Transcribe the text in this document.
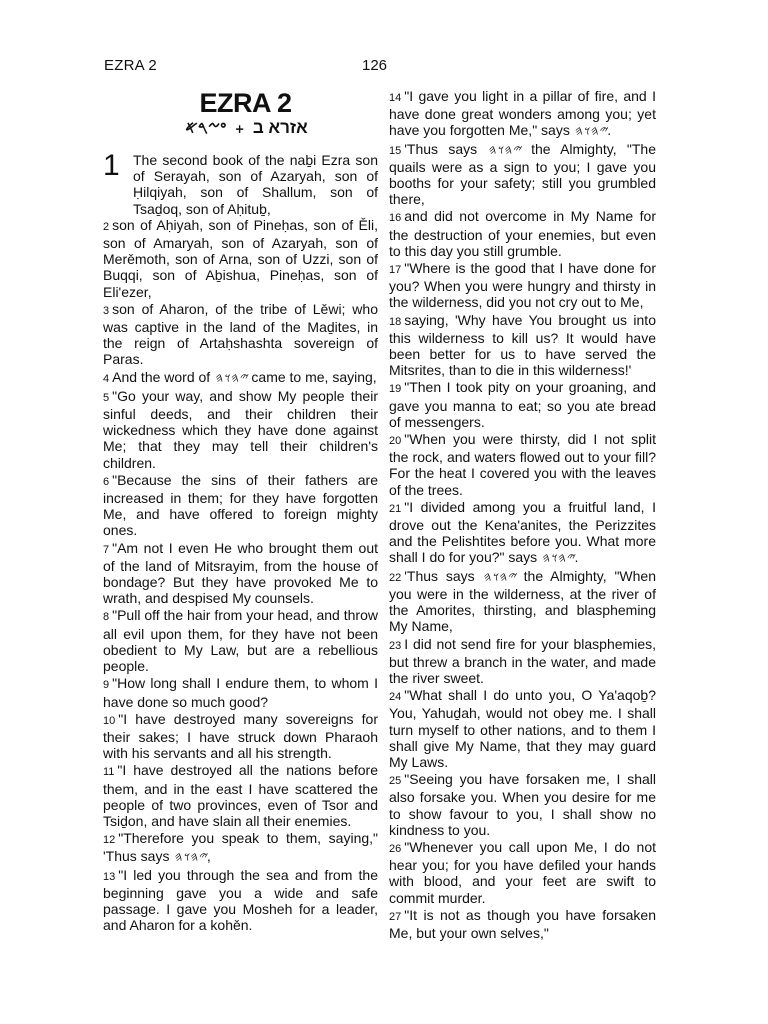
EZRA 2	126
EZRA 2
אזרא ב ﹢ 𐤏𐤆𐤓𐤀

1 The second book of the naḇi Ezra son of Serayah, son of Azaryah, son of Ḥilqiyah, son of Shallum, son of Tsaḏoq, son of Aḥituḇ,

2 son of Aḥiyah, son of Pineḥas, son of Ěli, son of Amaryah, son of Azaryah, son of Merěmoth, son of Arna, son of Uzzi, son of Buqqi, son of Aḇishua, Pineḥas, son of Eli'ezer,

3 son of Aharon, of the tribe of Lěwi; who was captive in the land of the Maḏites, in the reign of Artaḥshashta sovereign of Paras.

4 And the word of 𐤉𐤄𐤅𐤄 came to me, saying,

5 "Go your way, and show My people their sinful deeds, and their children their wickedness which they have done against Me; that they may tell their children's children.

6 "Because the sins of their fathers are increased in them; for they have forgotten Me, and have offered to foreign mighty ones.

7 "Am not I even He who brought them out of the land of Mitsrayim, from the house of bondage? But they have provoked Me to wrath, and despised My counsels.

8 "Pull off the hair from your head, and throw all evil upon them, for they have not been obedient to My Law, but are a rebellious people.

9 "How long shall I endure them, to whom I have done so much good?

10 "I have destroyed many sovereigns for their sakes; I have struck down Pharaoh with his servants and all his strength.

11 "I have destroyed all the nations before them, and in the east I have scattered the people of two provinces, even of Tsor and Tsiḏon, and have slain all their enemies.

12 "Therefore you speak to them, saying," 'Thus says 𐤉𐤄𐤅𐤄,

13 "I led you through the sea and from the beginning gave you a wide and safe passage. I gave you Mosheh for a leader, and Aharon for a kohěn.

14 "I gave you light in a pillar of fire, and I have done great wonders among you; yet have you forgotten Me," says 𐤉𐤄𐤅𐤄.

15 'Thus says 𐤉𐤄𐤅𐤄 the Almighty, "The quails were as a sign to you; I gave you booths for your safety; still you grumbled there,

16 and did not overcome in My Name for the destruction of your enemies, but even to this day you still grumble.

17 "Where is the good that I have done for you? When you were hungry and thirsty in the wilderness, did you not cry out to Me,

18 saying, 'Why have You brought us into this wilderness to kill us? It would have been better for us to have served the Mitsrites, than to die in this wilderness!'

19 "Then I took pity on your groaning, and gave you manna to eat; so you ate bread of messengers.

20 "When you were thirsty, did I not split the rock, and waters flowed out to your fill? For the heat I covered you with the leaves of the trees.

21 "I divided among you a fruitful land, I drove out the Kena'anites, the Perizzites and the Pelishtites before you. What more shall I do for you?" says 𐤉𐤄𐤅𐤄.

22 'Thus says 𐤉𐤄𐤅𐤄 the Almighty, "When you were in the wilderness, at the river of the Amorites, thirsting, and blaspheming My Name,

23 I did not send fire for your blasphemies, but threw a branch in the water, and made the river sweet.

24 "What shall I do unto you, O Ya'aqoḇ? You, Yahuḏah, would not obey me. I shall turn myself to other nations, and to them I shall give My Name, that they may guard My Laws.

25 "Seeing you have forsaken me, I shall also forsake you. When you desire for me to show favour to you, I shall show no kindness to you.

26 "Whenever you call upon Me, I do not hear you; for you have defiled your hands with blood, and your feet are swift to commit murder.

27 "It is not as though you have forsaken Me, but your own selves,"
